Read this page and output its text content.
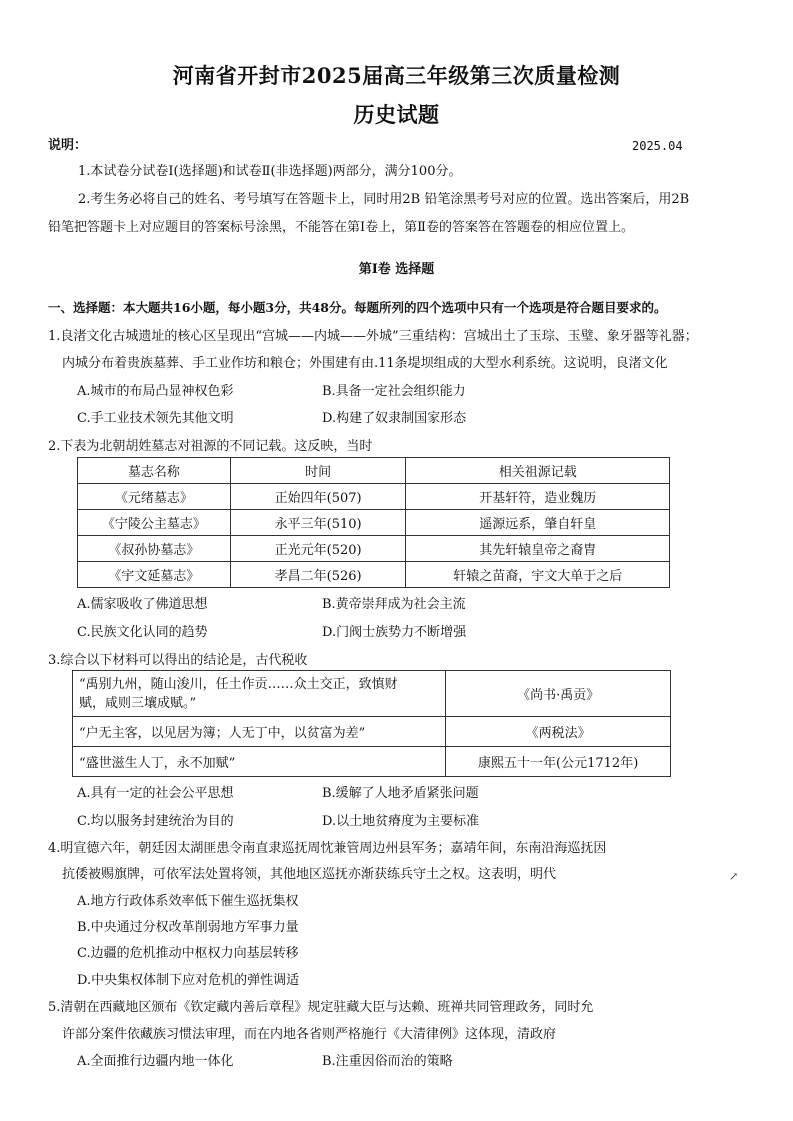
河南省开封市2025届高三年级第三次质量检测
历史试题
说明：	2025.04
1.本试卷分试卷Ⅰ(选择题)和试卷Ⅱ(非选择题)两部分，满分100分。
2.考生务必将自己的姓名、考号填写在答题卡上，同时用2B 铅笔涂黑考号对应的位置。选出答案后，用2B
铅笔把答题卡上对应题目的答案标号涂黑，不能答在第Ⅰ卷上，第Ⅱ卷的答案答在答题卷的相应位置上。
第Ⅰ卷 选择题
一、选择题：本大题共16小题，每小题3分，共48分。每题所列的四个选项中只有一个选项是符合题目要求的。
1.良渚文化古城遗址的核心区呈现出“宫城——内城——外城”三重结构：宫城出土了玉琮、玉璧、象牙器等礼器；
内城分布着贵族墓葬、手工业作坊和粮仓；外围建有由.11条堤坝组成的大型水利系统。这说明，良渚文化
A.城市的布局凸显神权色彩	B.具备一定社会组织能力
C.手工业技术领先其他文明	D.构建了奴隶制国家形态
2.下表为北朝胡姓墓志对祖源的不同记载。这反映，当时
墓志名称	时间	相关祖源记载
《元绪墓志》	正始四年(507)	开基轩符，造业魏历
《宁陵公主墓志》	永平三年(510)	遥源远系，肇自轩皇
《叔孙协墓志》	正光元年(520)	其先轩辕皇帝之裔胄
《宇文延墓志》	孝昌二年(526)	轩辕之苗裔，宇文大单于之后
A.儒家吸收了佛道思想	B.黄帝崇拜成为社会主流
C.民族文化认同的趋势	D.门阀士族势力不断增强
3.综合以下材料可以得出的结论是，古代税收
“禹别九州，随山浚川，任土作贡……众土交正，致慎财
赋，咸则三壤成赋。”	《尚书·禹贡》
“户无主客，以见居为簿；人无丁中，以贫富为差”	《两税法》
“盛世滋生人丁，永不加赋”	康熙五十一年(公元1712年)
A.具有一定的社会公平思想	B.缓解了人地矛盾紧张问题
C.均以服务封建统治为目的	D.以土地贫瘠度为主要标准
4.明宣德六年，朝廷因太湖匪患令南直隶巡抚周忱兼管周边州县军务；嘉靖年间，东南沿海巡抚因
抗倭被赐旗牌，可依军法处置将领，其他地区巡抚亦渐获练兵守土之权。这表明，明代	↗
A.地方行政体系效率低下催生巡抚集权
B.中央通过分权改革削弱地方军事力量
C.边疆的危机推动中枢权力向基层转移
D.中央集权体制下应对危机的弹性调适
5.清朝在西藏地区颁布《钦定藏内善后章程》规定驻藏大臣与达赖、班禅共同管理政务，同时允
许部分案件依藏族习惯法审理，而在内地各省则严格施行《大清律例》这体现，清政府
A.全面推行边疆内地一体化	B.注重因俗而治的策略
